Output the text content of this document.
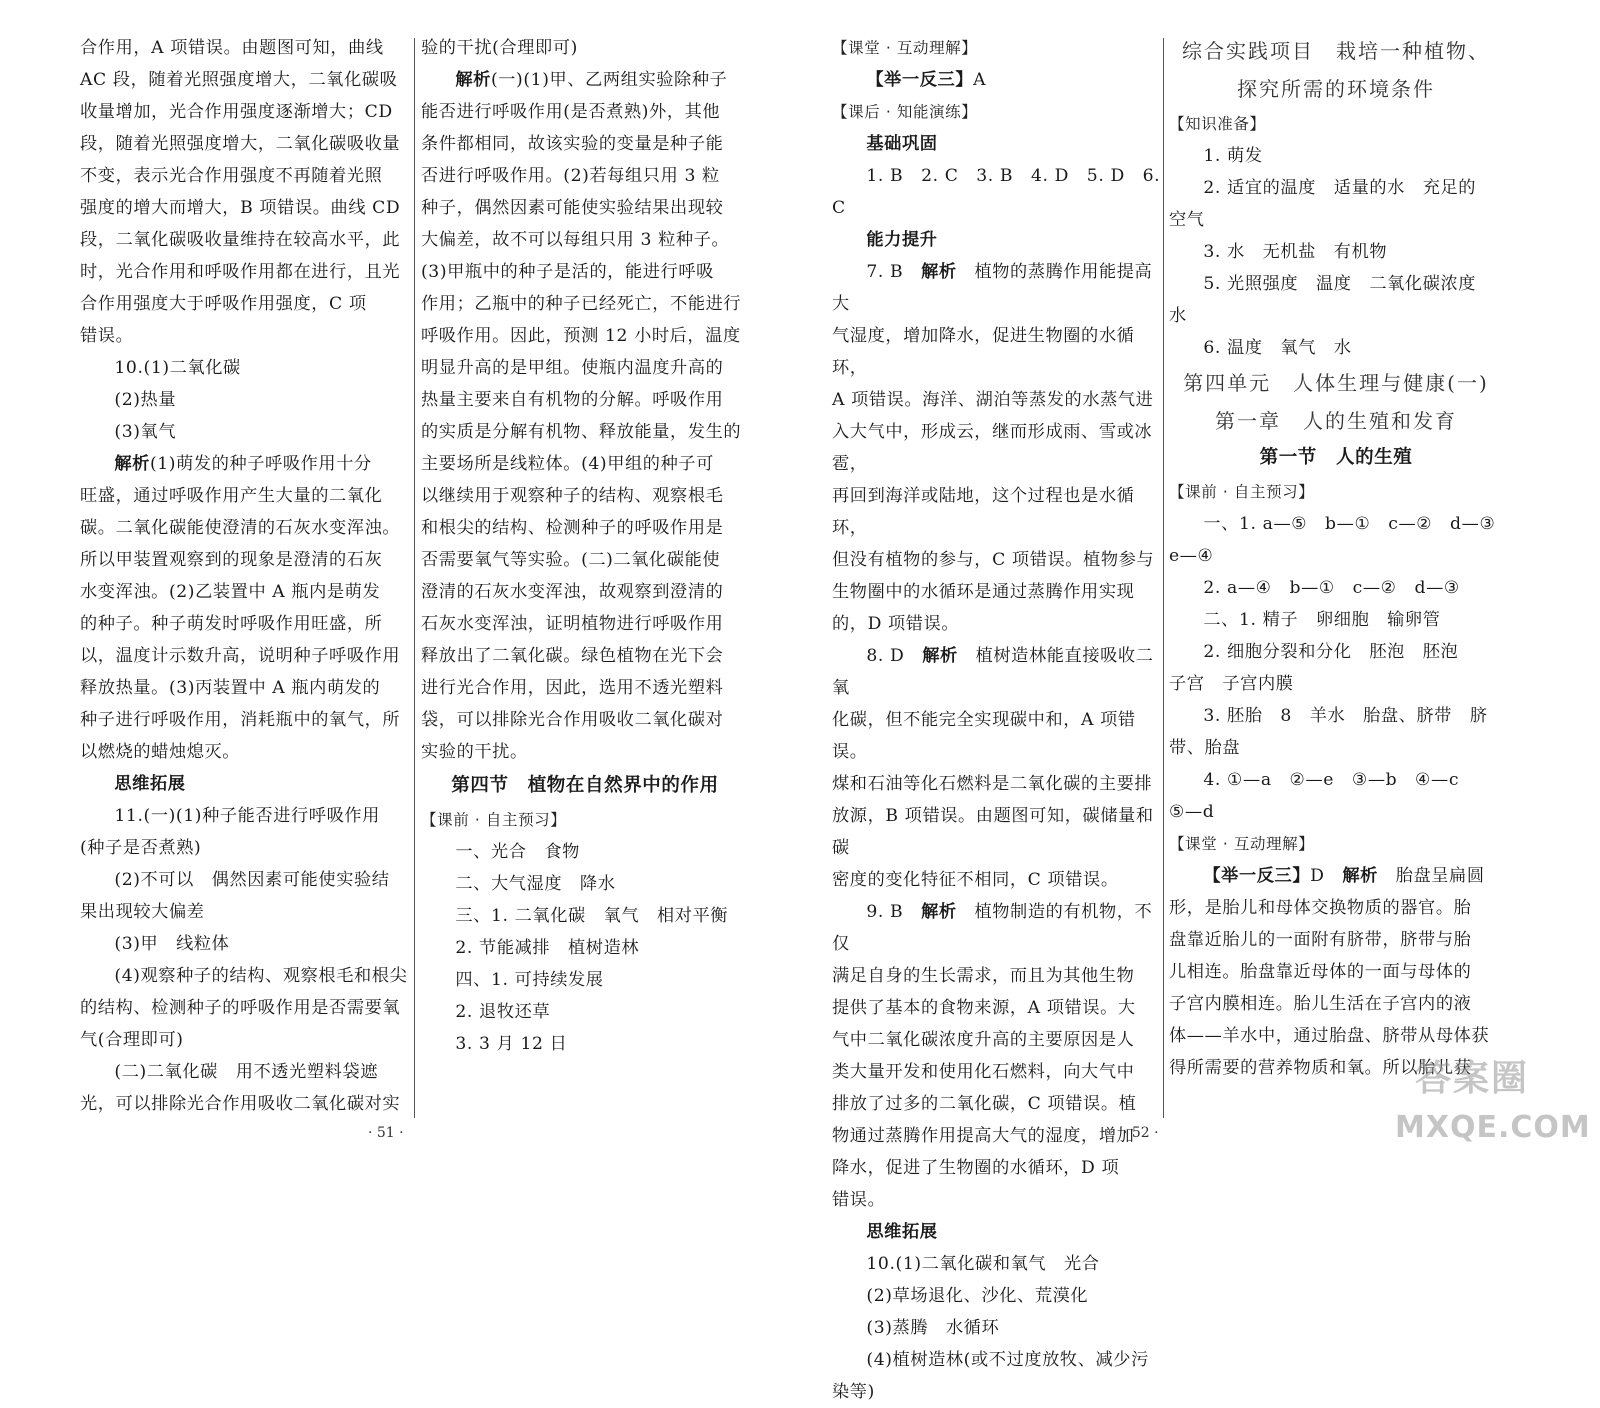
合作用，A 项错误。由题图可知，曲线

AC 段，随着光照强度增大，二氧化碳吸

收量增加，光合作用强度逐渐增大；CD

段，随着光照强度增大，二氧化碳吸收量

不变，表示光合作用强度不再随着光照

强度的增大而增大，B 项错误。曲线 CD

段，二氧化碳吸收量维持在较高水平，此

时，光合作用和呼吸作用都在进行，且光

合作用强度大于呼吸作用强度，C 项

错误。

10.(1)二氧化碳

(2)热量

(3)氧气

解析(1)萌发的种子呼吸作用十分

旺盛，通过呼吸作用产生大量的二氧化

碳。二氧化碳能使澄清的石灰水变浑浊。

所以甲装置观察到的现象是澄清的石灰

水变浑浊。(2)乙装置中 A 瓶内是萌发

的种子。种子萌发时呼吸作用旺盛，所

以，温度计示数升高，说明种子呼吸作用

释放热量。(3)丙装置中 A 瓶内萌发的

种子进行呼吸作用，消耗瓶中的氧气，所

以燃烧的蜡烛熄灭。

思维拓展

11.(一)(1)种子能否进行呼吸作用

(种子是否煮熟)

(2)不可以　偶然因素可能使实验结

果出现较大偏差

(3)甲　线粒体

(4)观察种子的结构、观察根毛和根尖

的结构、检测种子的呼吸作用是否需要氧

气(合理即可)

(二)二氧化碳　用不透光塑料袋遮

光，可以排除光合作用吸收二氧化碳对实

验的干扰(合理即可)

解析(一)(1)甲、乙两组实验除种子

能否进行呼吸作用(是否煮熟)外，其他

条件都相同，故该实验的变量是种子能

否进行呼吸作用。(2)若每组只用 3 粒

种子，偶然因素可能使实验结果出现较

大偏差，故不可以每组只用 3 粒种子。

(3)甲瓶中的种子是活的，能进行呼吸

作用；乙瓶中的种子已经死亡，不能进行

呼吸作用。因此，预测 12 小时后，温度

明显升高的是甲组。使瓶内温度升高的

热量主要来自有机物的分解。呼吸作用

的实质是分解有机物、释放能量，发生的

主要场所是线粒体。(4)甲组的种子可

以继续用于观察种子的结构、观察根毛

和根尖的结构、检测种子的呼吸作用是

否需要氧气等实验。(二)二氧化碳能使

澄清的石灰水变浑浊，故观察到澄清的

石灰水变浑浊，证明植物进行呼吸作用

释放出了二氧化碳。绿色植物在光下会

进行光合作用，因此，选用不透光塑料

袋，可以排除光合作用吸收二氧化碳对

实验的干扰。

第四节　植物在自然界中的作用

【课前 · 自主预习】

一、光合　食物

二、大气湿度　降水

三、1. 二氧化碳　氧气　相对平衡

2. 节能减排　植树造林

四、1. 可持续发展

2. 退牧还草

3. 3 月 12 日

· 51 ·

【课堂 · 互动理解】

【举一反三】A

【课后 · 知能演练】

基础巩固

1. B　2. C　3. B　4. D　5. D　6. C

能力提升

7. B　 解析　 植物的蒸腾作用能提高大

气湿度，增加降水，促进生物圈的水循环，

A 项错误。海洋、湖泊等蒸发的水蒸气进

入大气中，形成云，继而形成雨、雪或冰雹，

再回到海洋或陆地，这个过程也是水循环，

但没有植物的参与，C 项错误。植物参与

生物圈中的水循环是通过蒸腾作用实现

的，D 项错误。

8. D　 解析　 植树造林能直接吸收二氧

化碳，但不能完全实现碳中和，A 项错误。

煤和石油等化石燃料是二氧化碳的主要排

放源，B 项错误。由题图可知，碳储量和碳

密度的变化特征不相同，C 项错误。

9. B　 解析　 植物制造的有机物，不仅

满足自身的生长需求，而且为其他生物

提供了基本的食物来源，A 项错误。大

气中二氧化碳浓度升高的主要原因是人

类大量开发和使用化石燃料，向大气中

排放了过多的二氧化碳，C 项错误。植

物通过蒸腾作用提高大气的湿度，增加

降水，促进了生物圈的水循环，D 项

错误。

思维拓展

10.(1)二氧化碳和氧气　光合

(2)草场退化、沙化、荒漠化

(3)蒸腾　水循环

(4)植树造林(或不过度放牧、减少污

染等)

综合实践项目　栽培一种植物、

探究所需的环境条件

【知识准备】

1. 萌发

2. 适宜的温度　适量的水　充足的

空气

3. 水　无机盐　有机物

5. 光照强度　温度　二氧化碳浓度

水

6. 温度　氧气　水

第四单元　人体生理与健康(一)

第一章　人的生殖和发育

第一节　人的生殖

【课前 · 自主预习】

一、1. a—⑤　b—①　c—②　d—③

e—④

2. a—④　b—①　c—②　d—③

二、1. 精子　卵细胞　输卵管

2. 细胞分裂和分化　胚泡　胚泡

子宫　子宫内膜

3. 胚胎　8　羊水　胎盘、脐带　脐

带、胎盘

4. ①—a　②—e　③—b　④—c

⑤—d

【课堂 · 互动理解】

【举一反三】D　 解析　 胎盘呈扁圆

形，是胎儿和母体交换物质的器官。胎

盘靠近胎儿的一面附有脐带，脐带与胎

儿相连。胎盘靠近母体的一面与母体的

子宫内膜相连。胎儿生活在子宫内的液

体——羊水中，通过胎盘、脐带从母体获

得所需要的营养物质和氧。所以胎儿获

· 52 ·
答案圈
MXQE.COM
